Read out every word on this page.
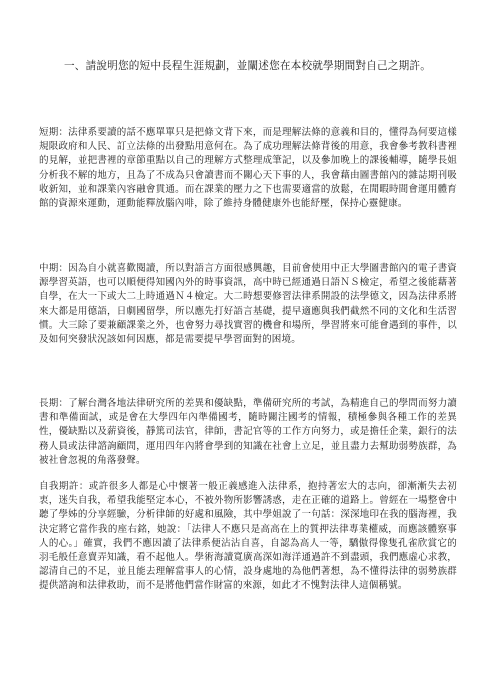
一、請說明您的短中長程生涯規劃，並闡述您在本校就學期間對自己之期許。
短期：法律系要讀的話不應單單只是把條文背下來，而是理解法條的意義和目的，懂得為何要這樣規限政府和人民、訂立法條的出發點用意何在。為了成功理解法條背後的用意，我會參考教科書裡的見解，並把書裡的章節重點以自己的理解方式整理成筆記，以及參加晚上的課後輔導，隨學長姐分析我不解的地方，且為了不成為只會讀書而不關心天下事的人，我會藉由圖書館內的雜誌期刊吸收新知，並和課業內容融會貫通。而在課業的壓力之下也需要適當的放鬆，在閒暇時間會運用體育館的資源來運動，運動能釋放腦內啡，除了維持身體健康外也能紓壓，保持心靈健康。
中期：因為自小就喜歡閱讀，所以對語言方面很感興趣，目前會使用中正大學圖書館內的電子書資源學習英語，也可以順便得知國內外的時事資訊，高中時已經通過日語ＮＳ檢定，希望之後能藉著自學，在大一下或大二上時通過Ｎ４檢定。大二時想要修習法律系開設的法學德文，因為法律系將來大都是用德語，日劇國留學，所以應先打好語言基礎，提早適應與我們截然不同的文化和生活習慣。大三除了要兼顧課業之外，也會努力尋找實習的機會和場所，學習將來可能會遇到的事件，以及如何突發狀況該如何因應，都是需要提早學習面對的困境。
長期：了解台灣各地法律研究所的差異和優缺點，準備研究所的考試，為精進自己的學問而努力讀書和準備面試，或是會在大學四年內準備國考，隨時關注國考的情報，積極參與各種工作的差異性，優缺點以及薪資後，靜篤司法官，律師，書記官等的工作方向努力，或是擔任企業，銀行的法務人員或法律諮詢顧問，運用四年內將會學到的知識在社會上立足，並且盡力去幫助弱勢族群，為被社會忽視的角落發聲。
自我期許：或許很多人都是心中懷著一般正義感進入法律系，抱持著宏大的志向，卻漸漸失去初衷，迷失自我，希望我能堅定本心，不被外物所影響誘惑，走在正確的道路上。曾經在一場整會中聽了學姊的分享經驗，分析律師的好處和風險，其中學姐說了一句話：深深地印在我的腦海裡，我決定將它當作我的座右銘，她說：「法律人不應只是高高在上的質押法律專業權威，而應該體察事人的心。」確實，我們不應因讀了法律系便沾沾自喜，自認為高人一等，驕傲得像隻孔雀欣賞它的羽毛般任意賣弄知識，看不起他人。學術海讀寬廣高深如海洋通過許不到盡頭，我們應虛心求教，認清自己的不足，並且能去理解當事人的心情，設身處地的為他們著想，為不懂得法律的弱勢族群提供諮詢和法律救助，而不是將他們當作財富的來源，如此才不愧對法律人這個稱號。
